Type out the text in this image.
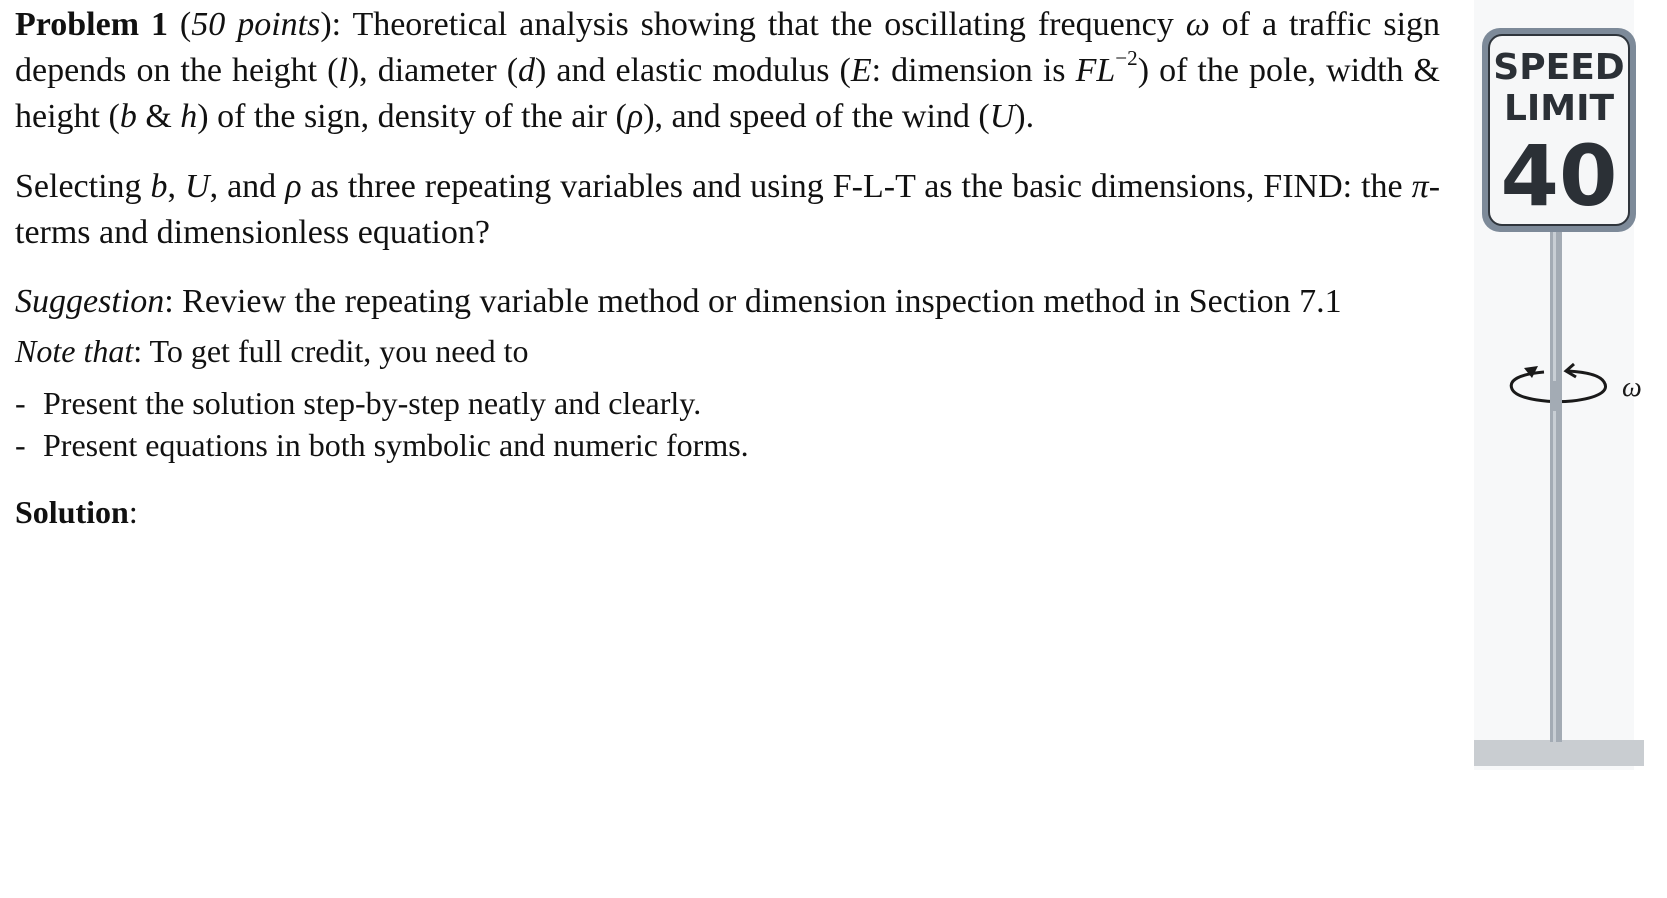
Problem 1 (50 points): Theoretical analysis showing that the oscillating frequency ω of a traffic sign depends on the height (l), diameter (d) and elastic modulus (E: dimension is $FL^{-2}$) of the pole, width & height (b & h) of the sign, density of the air (ρ), and speed of the wind (U).

Selecting b, U, and ρ as three repeating variables and using F-L-T as the basic dimensions, FIND: the π-terms and dimensionless equation?

Suggestion: Review the repeating variable method or dimension inspection method in Section 7.1

Note that: To get full credit, you need to

- Present the solution step-by-step neatly and clearly.
- Present equations in both symbolic and numeric forms.

Solution:

SPEED
LIMIT
40
ω
